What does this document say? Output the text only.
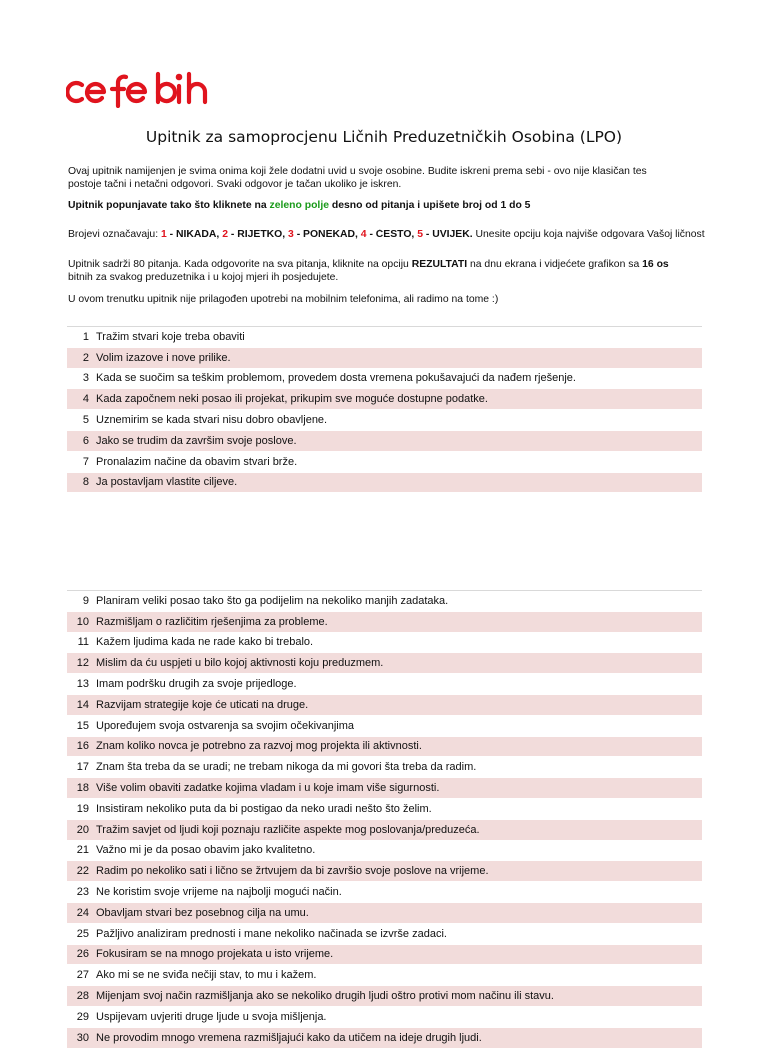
Upitnik za samoprocjenu Ličnih Preduzetničkih Osobina (LPO)
Ovaj upitnik namijenjen je svima onima koji žele dodatni uvid u svoje osobine. Budite iskreni prema sebi - ovo nije klasičan tes
postoje tačni i netačni odgovori. Svaki odgovor je tačan ukoliko je iskren.
Upitnik popunjavate tako što kliknete na zeleno polje desno od pitanja i upišete broj od 1 do 5
Brojevi označavaju: 1 - NIKADA, 2 - RIJETKO, 3 - PONEKAD, 4 - ČESTO, 5 - UVIJEK. Unesite opciju koja najviše odgovara Vašoj ličnost
Upitnik sadrži 80 pitanja. Kada odgovorite na sva pitanja, kliknite na opciju REZULTATI na dnu ekrana i vidjećete grafikon sa 16 os
bitnih za svakog preduzetnika i u kojoj mjeri ih posjedujete.
U ovom trenutku upitnik nije prilagođen upotrebi na mobilnim telefonima, ali radimo na tome :)
1 Tražim stvari koje treba obaviti
2 Volim izazove i nove prilike.
3 Kada se suočim sa teškim problemom, provedem dosta vremena pokušavajući da nađem rješenje.
4 Kada započnem neki posao ili projekat, prikupim sve moguće dostupne podatke.
5 Uznemirim se kada stvari nisu dobro obavljene.
6 Jako se trudim da završim svoje poslove.
7 Pronalazim načine da obavim stvari brže.
8 Ja postavljam vlastite ciljeve.
9 Planiram veliki posao tako što ga podijelim na nekoliko manjih zadataka.
10 Razmišljam o različitim rješenjima za probleme.
11 Kažem ljudima kada ne rade kako bi trebalo.
12 Mislim da ću uspjeti u bilo kojoj aktivnosti koju preduzmem.
13 Imam podršku drugih za svoje prijedloge.
14 Razvijam strategije koje će uticati na druge.
15 Upoređujem svoja ostvarenja sa svojim očekivanjima
16 Znam koliko novca je potrebno za razvoj mog projekta ili aktivnosti.
17 Znam šta treba da se uradi; ne trebam nikoga da mi govori šta treba da radim.
18 Više volim obaviti zadatke kojima vladam i u koje imam više sigurnosti.
19 Insistiram nekoliko puta da bi postigao da neko uradi nešto što želim.
20 Tražim savjet od ljudi koji poznaju različite aspekte mog poslovanja/preduzeća.
21 Važno mi je da posao obavim jako kvalitetno.
22 Radim po nekoliko sati i lično se žrtvujem da bi završio svoje poslove na vrijeme.
23 Ne koristim svoje vrijeme na najbolji mogući način.
24 Obavljam stvari bez posebnog cilja na umu.
25 Pažljivo analiziram prednosti i mane nekoliko načinada se izvrše zadaci.
26 Fokusiram se na mnogo projekata u isto vrijeme.
27 Ako mi se ne sviđa nečiji stav, to mu i kažem.
28 Mijenjam svoj način razmišljanja ako se nekoliko drugih ljudi oštro protivi mom načinu ili stavu.
29 Uspijevam uvjeriti druge ljude u svoja mišljenja.
30 Ne provodim mnogo vremena razmišljajući kako da utičem na ideje drugih ljudi.
